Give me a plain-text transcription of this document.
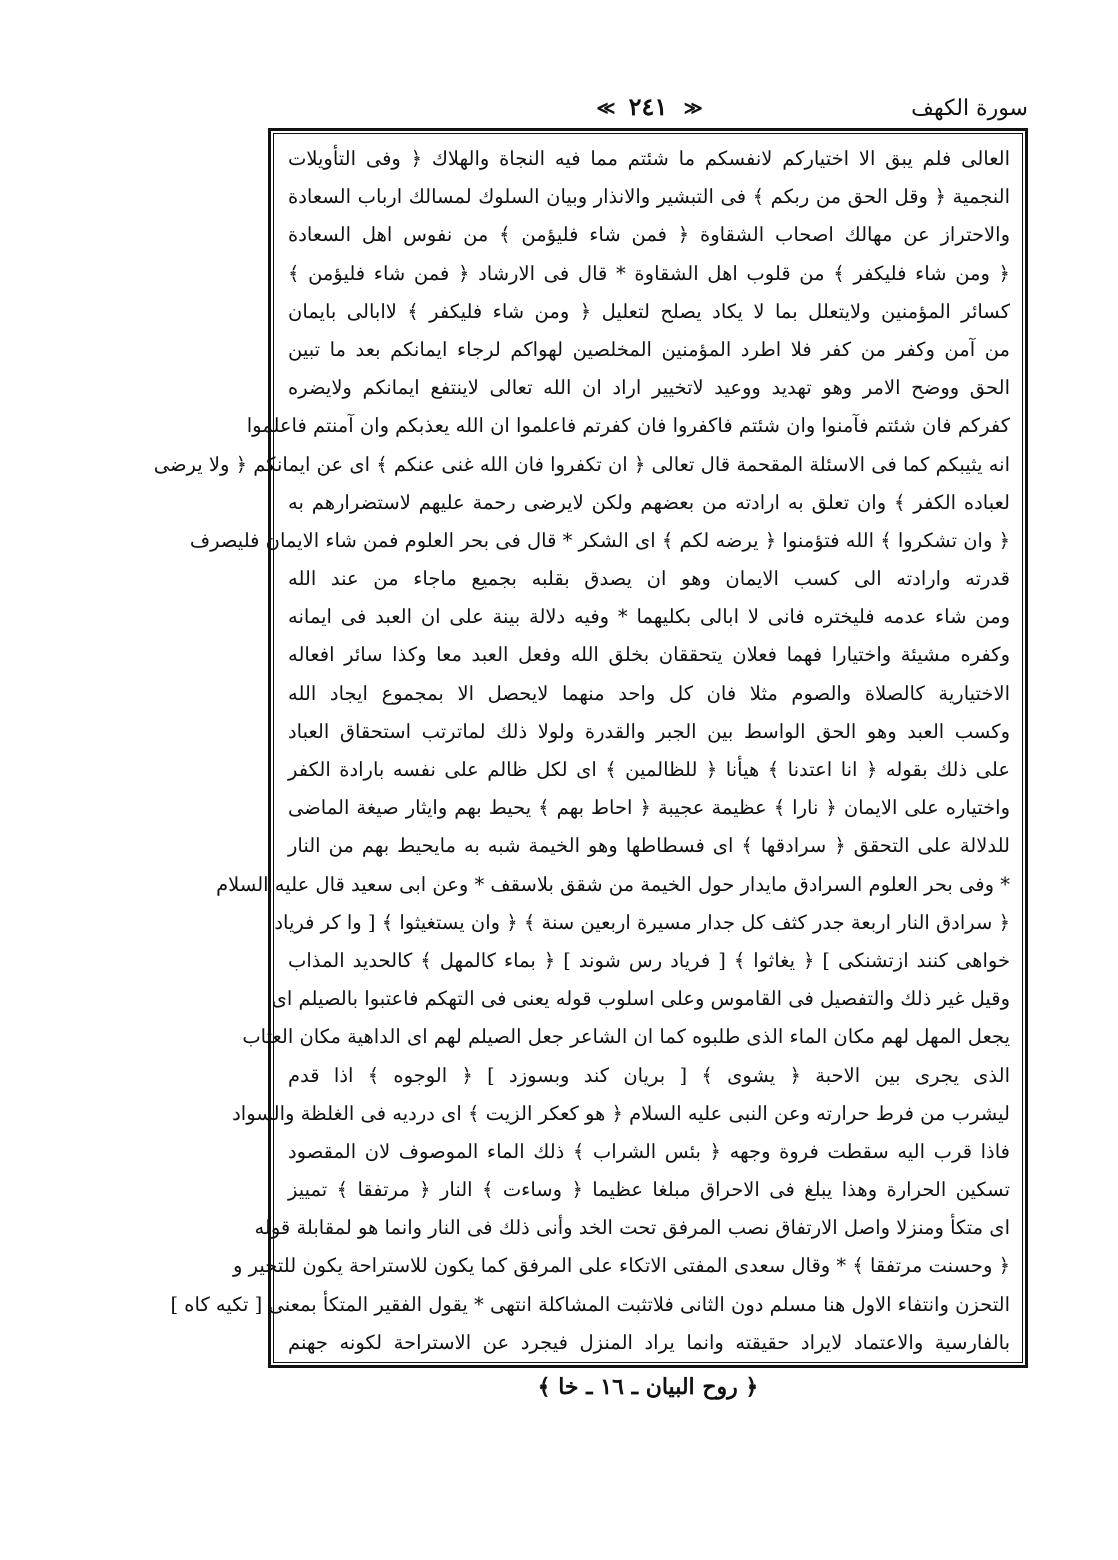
سورة الكهف
≪ ٢٤١ ≫
العالى فلم يبق الا اختياركم لانفسكم ما شئتم مما فيه النجاة والهلاك ﴿ وفى التأويلات
النجمية ﴿ وقل الحق من ربكم ﴾ فى التبشير والانذار وبيان السلوك لمسالك ارباب السعادة
والاحتراز عن مهالك اصحاب الشقاوة ﴿ فمن شاء فليؤمن ﴾ من نفوس اهل السعادة
﴿ ومن شاء فليكفر ﴾ من قلوب اهل الشقاوة * قال فى الارشاد ﴿ فمن شاء فليؤمن ﴾
كسائر المؤمنين ولايتعلل بما لا يكاد يصلح لتعليل ﴿ ومن شاء فليكفر ﴾ لاابالى بايمان
من آمن وكفر من كفر فلا اطرد المؤمنين المخلصين لهواكم لرجاء ايمانكم بعد ما تبين
الحق ووضح الامر وهو تهديد ووعيد لاتخيير اراد ان الله تعالى لاينتفع ايمانكم ولايضره
كفركم فان شئتم فآمنوا وان شئتم فاكفروا فان كفرتم فاعلموا ان الله يعذبكم وان آمنتم فاعلموا
انه يثيبكم كما فى الاسئلة المقحمة قال تعالى ﴿ ان تكفروا فان الله غنى عنكم ﴾ اى عن ايمانكم ﴿ ولا يرضى
لعباده الكفر ﴾ وان تعلق به ارادته من بعضهم ولكن لايرضى رحمة عليهم لاستضرارهم به
﴿ وان تشكروا ﴾ الله فتؤمنوا ﴿ يرضه لكم ﴾ اى الشكر * قال فى بحر العلوم فمن شاء الايمان فليصرف
قدرته وارادته الى كسب الايمان وهو ان يصدق بقلبه بجميع ماجاء من عند الله
ومن شاء عدمه فليختره فانى لا ابالى بكليهما * وفيه دلالة بينة على ان العبد فى ايمانه
وكفره مشيئة واختيارا فهما فعلان يتحققان بخلق الله وفعل العبد معا وكذا سائر افعاله
الاختيارية كالصلاة والصوم مثلا فان كل واحد منهما لايحصل الا بمجموع ايجاد الله
وكسب العبد وهو الحق الواسط بين الجبر والقدرة ولولا ذلك لماترتب استحقاق العباد
على ذلك بقوله ﴿ انا اعتدنا ﴾ هيأنا ﴿ للظالمين ﴾ اى لكل ظالم على نفسه بارادة الكفر
واختياره على الايمان ﴿ نارا ﴾ عظيمة عجيبة ﴿ احاط بهم ﴾ يحيط بهم وايثار صيغة الماضى
للدلالة على التحقق ﴿ سرادقها ﴾ اى فسطاطها وهو الخيمة شبه به مايحيط بهم من النار
* وفى بحر العلوم السرادق مايدار حول الخيمة من شقق بلاسقف * وعن ابى سعيد قال عليه السلام
﴿ سرادق النار اربعة جدر كثف كل جدار مسيرة اربعين سنة ﴾ ﴿ وان يستغيثوا ﴾ [ وا كر فرياد
خواهى كنند ازتشنكى ] ﴿ يغاثوا ﴾ [ فرياد رس شوند ] ﴿ بماء كالمهل ﴾ كالحديد المذاب
وقيل غير ذلك والتفصيل فى القاموس وعلى اسلوب قوله يعنى فى التهكم فاعتبوا بالصيلم اى
يجعل المهل لهم مكان الماء الذى طلبوه كما ان الشاعر جعل الصيلم لهم اى الداهية مكان العتاب
الذى يجرى بين الاحبة ﴿ يشوى ﴾ [ بريان كند وبسوزد ] ﴿ الوجوه ﴾ اذا قدم
ليشرب من فرط حرارته وعن النبى عليه السلام ﴿ هو كعكر الزيت ﴾ اى درديه فى الغلظة والسواد
فاذا قرب اليه سقطت فروة وجهه ﴿ بئس الشراب ﴾ ذلك الماء الموصوف لان المقصود
تسكين الحرارة وهذا يبلغ فى الاحراق مبلغا عظيما ﴿ وساءت ﴾ النار ﴿ مرتفقا ﴾ تمييز
اى متكأ ومنزلا واصل الارتفاق نصب المرفق تحت الخد وأنى ذلك فى النار وانما هو لمقابلة قوله
﴿ وحسنت مرتفقا ﴾ * وقال سعدى المفتى الاتكاء على المرفق كما يكون للاستراحة يكون للتحير و
التحزن وانتفاء الاول هنا مسلم دون الثانى فلاتثبت المشاكلة انتهى * يقول الفقير المتكأ بمعنى [ تكيه كاه ]
بالفارسية والاعتماد لايراد حقيقته وانما يراد المنزل فيجرد عن الاستراحة لكونه جهنم
﴿ روح البيان ـ ١٦ ـ خا ﴾
